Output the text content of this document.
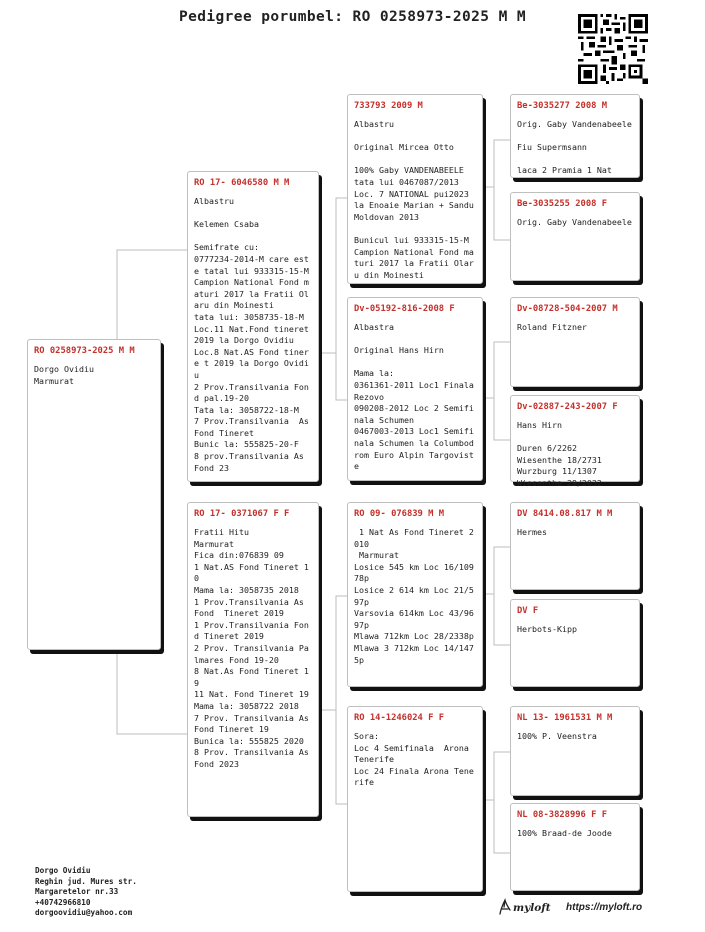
Pedigree porumbel: RO 0258973-2025 M M
RO 0258973-2025 M M
Dorgo Ovidiu
Marmurat
RO 17- 6046580 M M
Albastru

Kelemen Csaba

Semifrate cu:
0777234-2014-M care este tatal lui 933315-15-M
Campion National Fond maturi 2017 la Fratii Olaru din Moinesti
tata lui: 3058735-18-M
Loc.11 Nat.Fond tineret 2019 la Dorgo Ovidiu
Loc.8 Nat.AS Fond tinere t 2019 la Dorgo Ovidiu
2 Prov.Transilvania Fond pal.19-20
Tata la: 3058722-18-M
7 Prov.Transilvania  As Fond Tineret
Bunic la: 555825-20-F
8 prov.Transilvania As Fond 23
RO 17- 0371067 F F
Fratii Hitu
Marmurat
Fica din:076839 09
1 Nat.AS Fond Tineret 10
Mama la: 3058735 2018
1 Prov.Transilvania As Fond  Tineret 2019
1 Prov.Transilvania Fond Tineret 2019
2 Prov. Transilvania Palmares Fond 19-20
8 Nat.As Fond Tineret 19
11 Nat. Fond Tineret 19
Mama la: 3058722 2018
7 Prov. Transilvania As Fond Tineret 19
Bunica la: 555825 2020
8 Prov. Transilvania As Fond 2023
733793 2009 M
Albastru

Original Mircea Otto

100% Gaby VANDENABEELE
tata lui 0467087/2013
Loc. 7 NATIONAL pui2023 la Enoaie Marian + Sandu Moldovan 2013

Bunicul lui 933315-15-M
Campion National Fond ma turi 2017 la Fratii Olaru din Moinesti
Dv-05192-816-2008 F
Albastra

Original Hans Hirn

Mama la:
0361361-2011 Loc1 Finala Rezovo
090208-2012 Loc 2 Semifi nala Schumen
0467003-2013 Loc1 Semifi nala Schumen la Columbod rom Euro Alpin Targoviste
RO 09- 076839 M M
1 Nat As Fond Tineret 2010
Marmurat
Losice 545 km Loc 16/10978p
Losice 2 614 km Loc 21/597p
Varsovia 614km Loc 43/9697p
Mlawa 712km Loc 28/2338p
Mlawa 3 712km Loc 14/1475p
RO 14-1246024 F F
Sora:
Loc 4 Semifinala  Arona Tenerife
Loc 24 Finala Arona Tenerife
Be-3035277 2008 M
Orig. Gaby Vandenabeele

Fiu Supermsann

laca 2 Pramia 1 Nat
Be-3035255 2008 F
Orig. Gaby Vandenabeele
Dv-08728-504-2007 M
Roland Fitzner
Dv-02887-243-2007 F
Hans Hirn

Duren 6/2262
Wiesenthe 18/2731
Wurzburg 11/1307
Wiesenthe 29/2032
DV 8414.08.817 M M
Hermes
DV F
Herbots-Kipp
NL 13- 1961531 M M
100% P. Veenstra
NL 08-3828996 F F
100% Braad-de Joode
Dorgo Ovidiu
Reghin jud. Mures str.
Margaretelor nr.33
+40742966810
dorgoovidiu@yahoo.com	myloft https://myloft.ro
